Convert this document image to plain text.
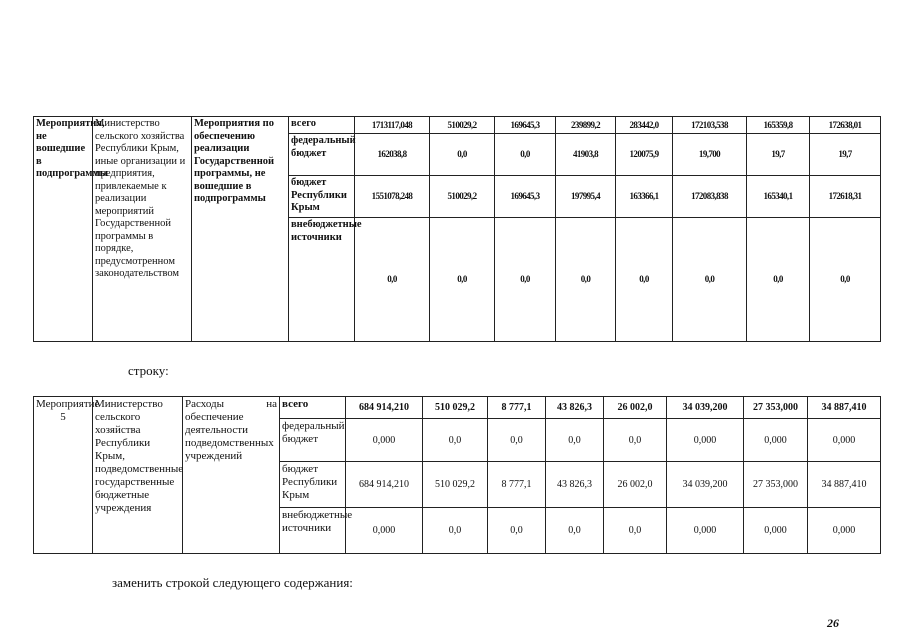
Мероприятия, не вошедшие в подпрограммы	Министерство сельского хозяйства Республики Крым, иные организации и предприятия, привлекаемые к реализации мероприятий Государственной программы в порядке, предусмотренном законодательством	Мероприятия по обеспечению реализации Государственной программы, не вошедшие в подпрограммы	всего	1713117,048	510029,2	169645,3	239899,2	283442,0	172103,538	165359,8	172638,01
			федеральный бюджет	162038,8	0,0	0,0	41903,8	120075,9	19,700	19,7	19,7
			бюджет Республики Крым	1551078,248	510029,2	169645,3	197995,4	163366,1	172083,838	165340,1	172618,31
			внебюджетные источники	0,0	0,0	0,0	0,0	0,0	0,0	0,0	0,0
строку:
Мероприятие 5	Министерство сельского хозяйства Республики Крым, подведомственные государственные бюджетные учреждения	Расходы на обеспечение деятельности подведомственных учреждений	всего	684 914,210	510 029,2	8 777,1	43 826,3	26 002,0	34 039,200	27 353,000	34 887,410
			федеральный бюджет	0,000	0,0	0,0	0,0	0,0	0,000	0,000	0,000
			бюджет Республики Крым	684 914,210	510 029,2	8 777,1	43 826,3	26 002,0	34 039,200	27 353,000	34 887,410
			внебюджетные источники	0,000	0,0	0,0	0,0	0,0	0,000	0,000	0,000
заменить строкой следующего содержания:
26
